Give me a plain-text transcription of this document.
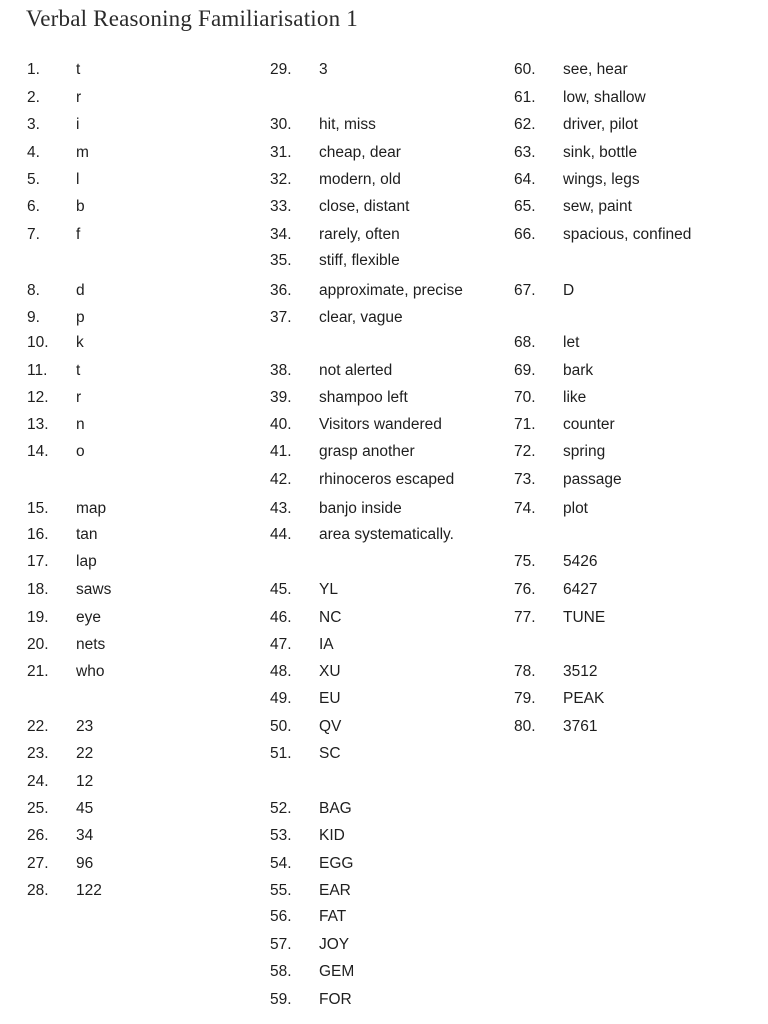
Verbal Reasoning Familiarisation 1
1. t
2. r
3. i
4. m
5. l
6. b
7. f
8. d
9. p
10. k
11. t
12. r
13. n
14. o
15. map
16. tan
17. lap
18. saws
19. eye
20. nets
21. who
22. 23
23. 22
24. 12
25. 45
26. 34
27. 96
28. 122
29. 3
30. hit, miss
31. cheap, dear
32. modern, old
33. close, distant
34. rarely, often
35. stiff, flexible
36. approximate, precise
37. clear, vague
38. not alerted
39. shampoo left
40. Visitors wandered
41. grasp another
42. rhinoceros escaped
43. banjo inside
44. area systematically.
45. YL
46. NC
47. IA
48. XU
49. EU
50. QV
51. SC
52. BAG
53. KID
54. EGG
55. EAR
56. FAT
57. JOY
58. GEM
59. FOR
60. see, hear
61. low, shallow
62. driver, pilot
63. sink, bottle
64. wings, legs
65. sew, paint
66. spacious, confined
67. D
68. let
69. bark
70. like
71. counter
72. spring
73. passage
74. plot
75. 5426
76. 6427
77. TUNE
78. 3512
79. PEAK
80. 3761
